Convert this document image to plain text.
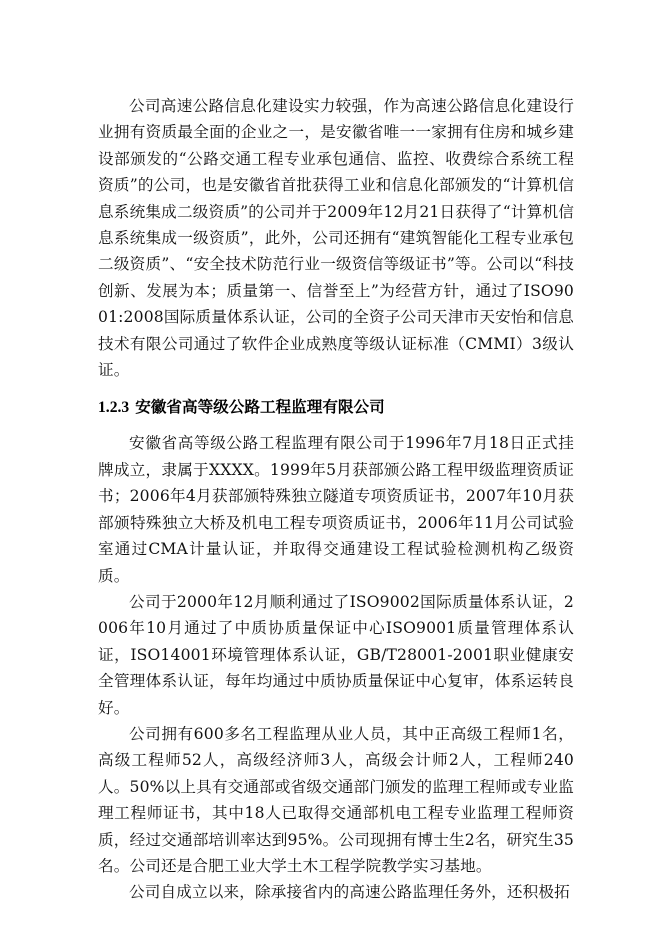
公司高速公路信息化建设实力较强，作为高速公路信息化建设行业拥有资质最全面的企业之一，是安徽省唯一一家拥有住房和城乡建设部颁发的“公路交通工程专业承包通信、监控、收费综合系统工程资质”的公司，也是安徽省首批获得工业和信息化部颁发的“计算机信息系统集成二级资质”的公司并于2009年12月21日获得了“计算机信息系统集成一级资质”，此外，公司还拥有“建筑智能化工程专业承包二级资质”、“安全技术防范行业一级资信等级证书”等。公司以“科技创新、发展为本；质量第一、信誉至上”为经营方针，通过了ISO9001:2008国际质量体系认证，公司的全资子公司天津市天安怡和信息技术有限公司通过了软件企业成熟度等级认证标准（CMMI）3级认证。

1.2.3 安徽省高等级公路工程监理有限公司

安徽省高等级公路工程监理有限公司于1996年7月18日正式挂牌成立，隶属于XXXX。1999年5月获部颁公路工程甲级监理资质证书；2006年4月获部颁特殊独立隧道专项资质证书，2007年10月获部颁特殊独立大桥及机电工程专项资质证书，2006年11月公司试验室通过CMA计量认证，并取得交通建设工程试验检测机构乙级资质。

公司于2000年12月顺利通过了ISO9002国际质量体系认证，2006年10月通过了中质协质量保证中心ISO9001质量管理体系认证，ISO14001环境管理体系认证，GB/T28001-2001职业健康安全管理体系认证，每年均通过中质协质量保证中心复审，体系运转良好。

公司拥有600多名工程监理从业人员，其中正高级工程师1名，高级工程师52人，高级经济师3人，高级会计师2人，工程师240人。50%以上具有交通部或省级交通部门颁发的监理工程师或专业监理工程师证书，其中18人已取得交通部机电工程专业监理工程师资质，经过交通部培训率达到95%。公司现拥有博士生2名，研究生35名。公司还是合肥工业大学土木工程学院教学实习基地。

公司自成立以来，除承接省内的高速公路监理任务外，还积极拓
